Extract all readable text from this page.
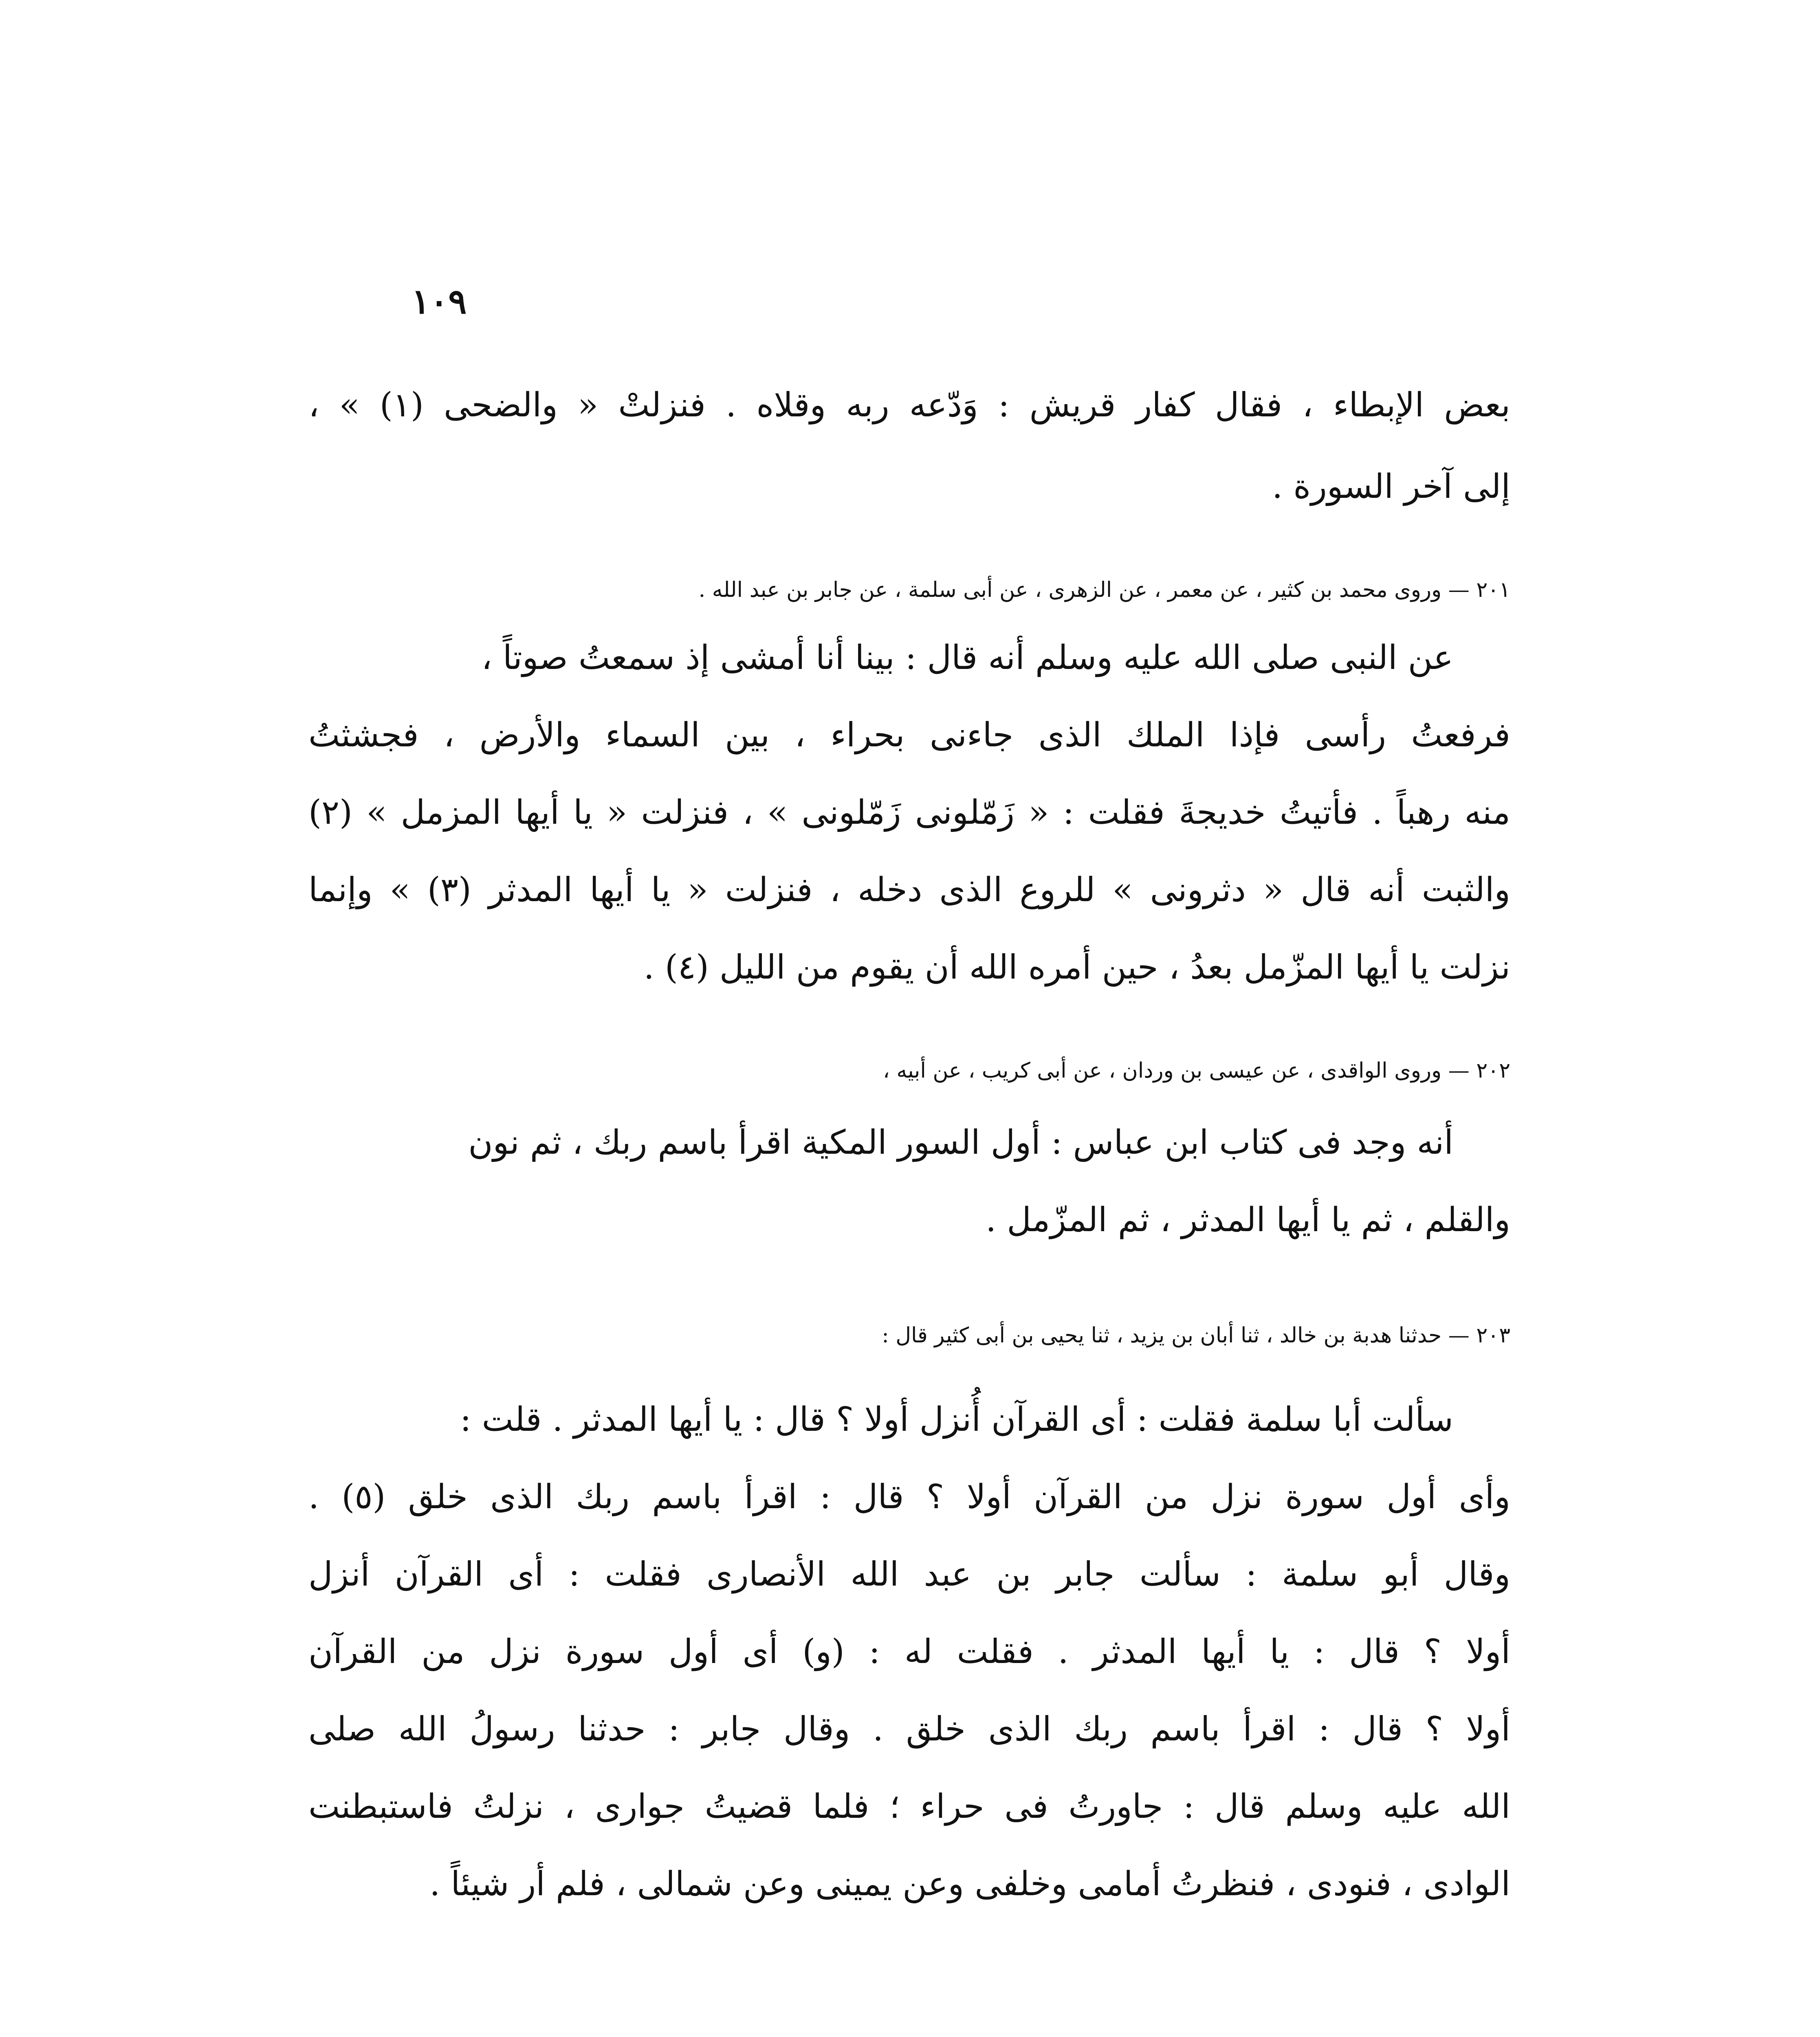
١٠٩
بعض الإبطاء ، فقال كفار قريش : وَدّعه ربه وقلاه . فنزلتْ « والضحى (١) » ،
إلى آخر السورة .
٢٠١ — وروى محمد بن كثير ، عن معمر ، عن الزهرى ، عن أبى سلمة ، عن جابر بن عبد الله .
عن النبى صلى الله عليه وسلم أنه قال : بينا أنا أمشى إذ سمعتُ صوتاً ،
فرفعتُ رأسى فإذا الملك الذى جاءنى بحراء ، بين السماء والأرض ، فجشثتُ
منه رهباً . فأتيتُ خديجةَ فقلت : « زَمّلونى زَمّلونى » ، فنزلت « يا أيها المزمل » (٢)
والثبت أنه قال « دثرونى » للروع الذى دخله ، فنزلت « يا أيها المدثر (٣) » وإنما
نزلت يا أيها المزّمل بعدُ ، حين أمره الله أن يقوم من الليل (٤) .
٢٠٢ — وروى الواقدى ، عن عيسى بن وردان ، عن أبى كريب ، عن أبيه ،
أنه وجد فى كتاب ابن عباس : أول السور المكية اقرأ باسم ربك ، ثم نون
والقلم ، ثم يا أيها المدثر ، ثم المزّمل .
٢٠٣ — حدثنا هدبة بن خالد ، ثنا أبان بن يزيد ، ثنا يحيى بن أبى كثير قال :
سألت أبا سلمة فقلت : أى القرآن أُنزل أولا ؟ قال : يا أيها المدثر . قلت :
وأى أول سورة نزل من القرآن أولا ؟ قال : اقرأ باسم ربك الذى خلق (٥) .
وقال أبو سلمة : سألت جابر بن عبد الله الأنصارى فقلت : أى القرآن أنزل
أولا ؟ قال : يا أيها المدثر . فقلت له : (و) أى أول سورة نزل من القرآن
أولا ؟ قال : اقرأ باسم ربك الذى خلق . وقال جابر : حدثنا رسولُ الله صلى
الله عليه وسلم قال : جاورتُ فى حراء ؛ فلما قضيتُ جوارى ، نزلتُ فاستبطنت
الوادى ، فنودى ، فنظرتُ أمامى وخلفى وعن يمينى وعن شمالى ، فلم أر شيئاً .
